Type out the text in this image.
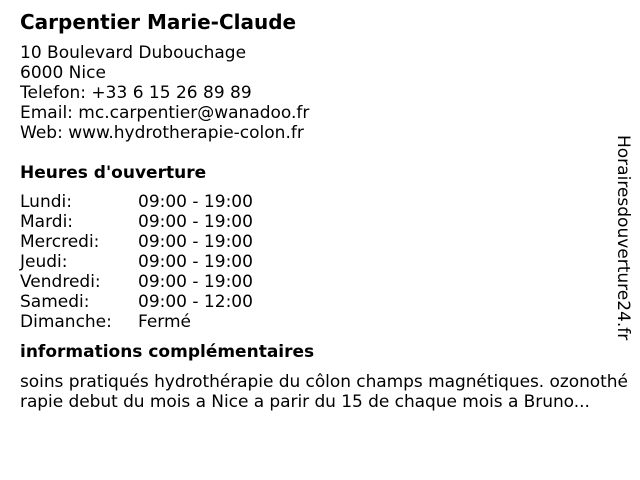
Carpentier Marie-Claude
10 Boulevard Dubouchage
6000 Nice
Telefon: +33 6 15 26 89 89
Email: mc.carpentier@wanadoo.fr
Web: www.hydrotherapie-colon.fr
Heures d'ouverture
Lundi:	09:00 - 19:00
Mardi:	09:00 - 19:00
Mercredi:	09:00 - 19:00
Jeudi:	09:00 - 19:00
Vendredi:	09:00 - 19:00
Samedi:	09:00 - 12:00
Dimanche:	Fermé
informations complémentaires
soins pratiqués hydrothérapie du côlon champs magnétiques. ozonothérapie debut du mois a Nice a parir du 15 de chaque mois a Bruno...
Horairesdouverture24.fr
